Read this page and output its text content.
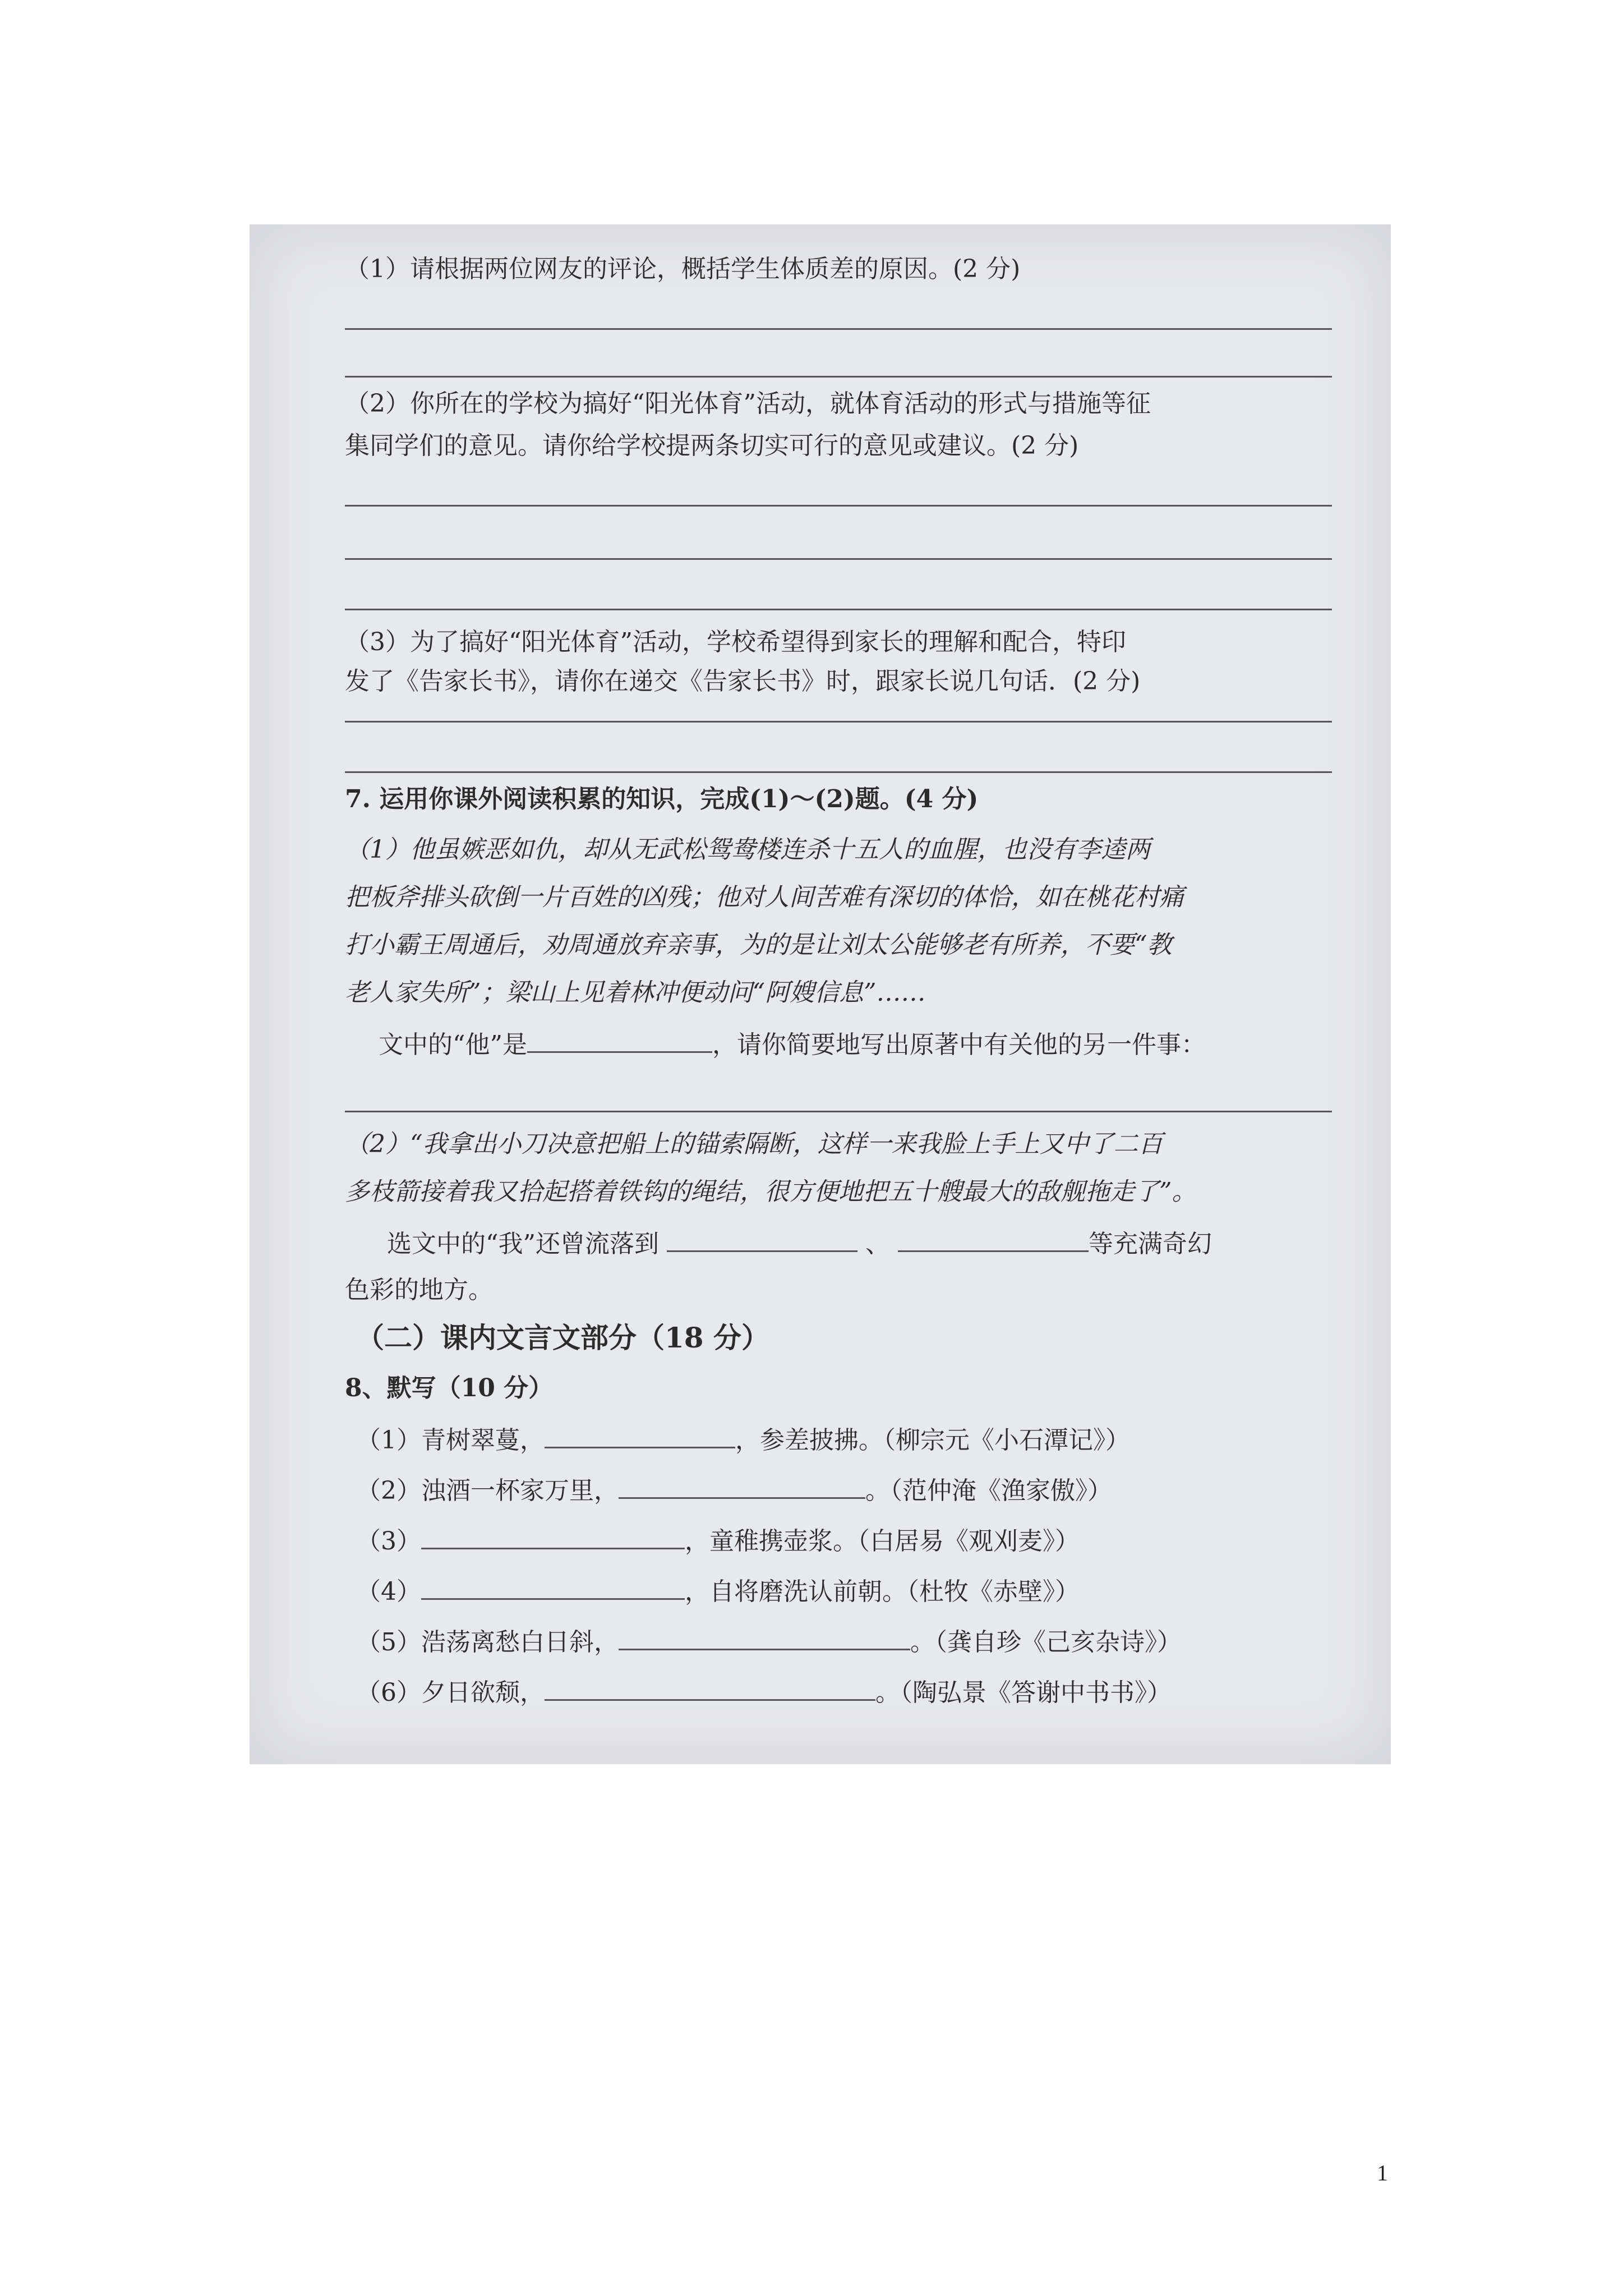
（1）请根据两位网友的评论，概括学生体质差的原因。(2 分)
（2）你所在的学校为搞好“阳光体育”活动，就体育活动的形式与措施等征
集同学们的意见。请你给学校提两条切实可行的意见或建议。(2 分)
（3）为了搞好“阳光体育”活动，学校希望得到家长的理解和配合，特印
发了《告家长书》，请你在递交《告家长书》时，跟家长说几句话．(2 分)
7. 运用你课外阅读积累的知识，完成(1)～(2)题。(4 分)
（1）他虽嫉恶如仇，却从无武松鸳鸯楼连杀十五人的血腥，也没有李逵两
把板斧排头砍倒一片百姓的凶残；他对人间苦难有深切的体恰，如在桃花村痛
打小霸王周通后，劝周通放弃亲事，为的是让刘太公能够老有所养，不要“教
老人家失所”；梁山上见着林冲便动问“阿嫂信息”……
文中的“他”是	，请你简要地写出原著中有关他的另一件事：
（2）“我拿出小刀决意把船上的锚索隔断，这样一来我脸上手上又中了二百
多枝箭接着我又拾起搭着铁钩的绳结，很方便地把五十艘最大的敌舰拖走了”。
选文中的“我”还曾流落到	、	等充满奇幻
色彩的地方。
（二）课内文言文部分（18 分）
8、默写（10 分）
（1）青树翠蔓，	，参差披拂。（柳宗元《小石潭记》）
（2）浊酒一杯家万里，	。（范仲淹《渔家傲》）
（3）	，童稚携壶浆。（白居易《观刈麦》）
（4）	，自将磨洗认前朝。（杜牧《赤壁》）
（5）浩荡离愁白日斜，	。（龚自珍《己亥杂诗》）
（6）夕日欲颓，	。（陶弘景《答谢中书书》）
1
